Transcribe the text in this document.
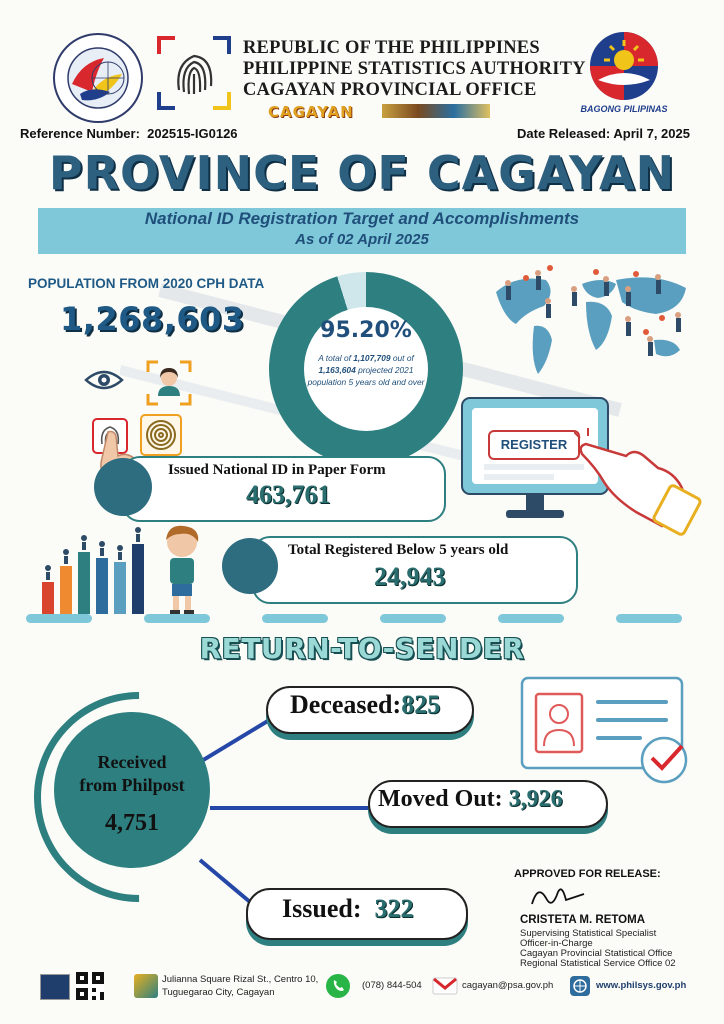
REPUBLIC OF THE PHILIPPINES
PHILIPPINE STATISTICS AUTHORITY
CAGAYAN PROVINCIAL OFFICE
CAGAYAN	BAGONG PILIPINAS
Reference Number: 202515-IG0126	Date Released: April 7, 2025
PROVINCE OF CAGAYAN
National ID Registration Target and Accomplishments
As of 02 April 2025
POPULATION FROM 2020 CPH DATA
1,268,603	95.20%
A total of 1,107,709 out of 1,163,604 projected 2021 population 5 years old and over
REGISTER
Issued National ID in Paper Form
463,761
Total Registered Below 5 years old
24,943
RETURN-TO-SENDER
Received
from Philpost
4,751
Deceased:825
Moved Out: 3,926
Issued: 322
APPROVED FOR RELEASE:
CRISTETA M. RETOMA
Supervising Statistical Specialist
Officer-in-Charge
Cagayan Provincial Statistical Office
Regional Statistical Service Office 02
Julianna Square Rizal St., Centro 10,
Tuguegarao City, Cagayan
(078) 844-504	cagayan@psa.gov.ph	www.philsys.gov.ph
